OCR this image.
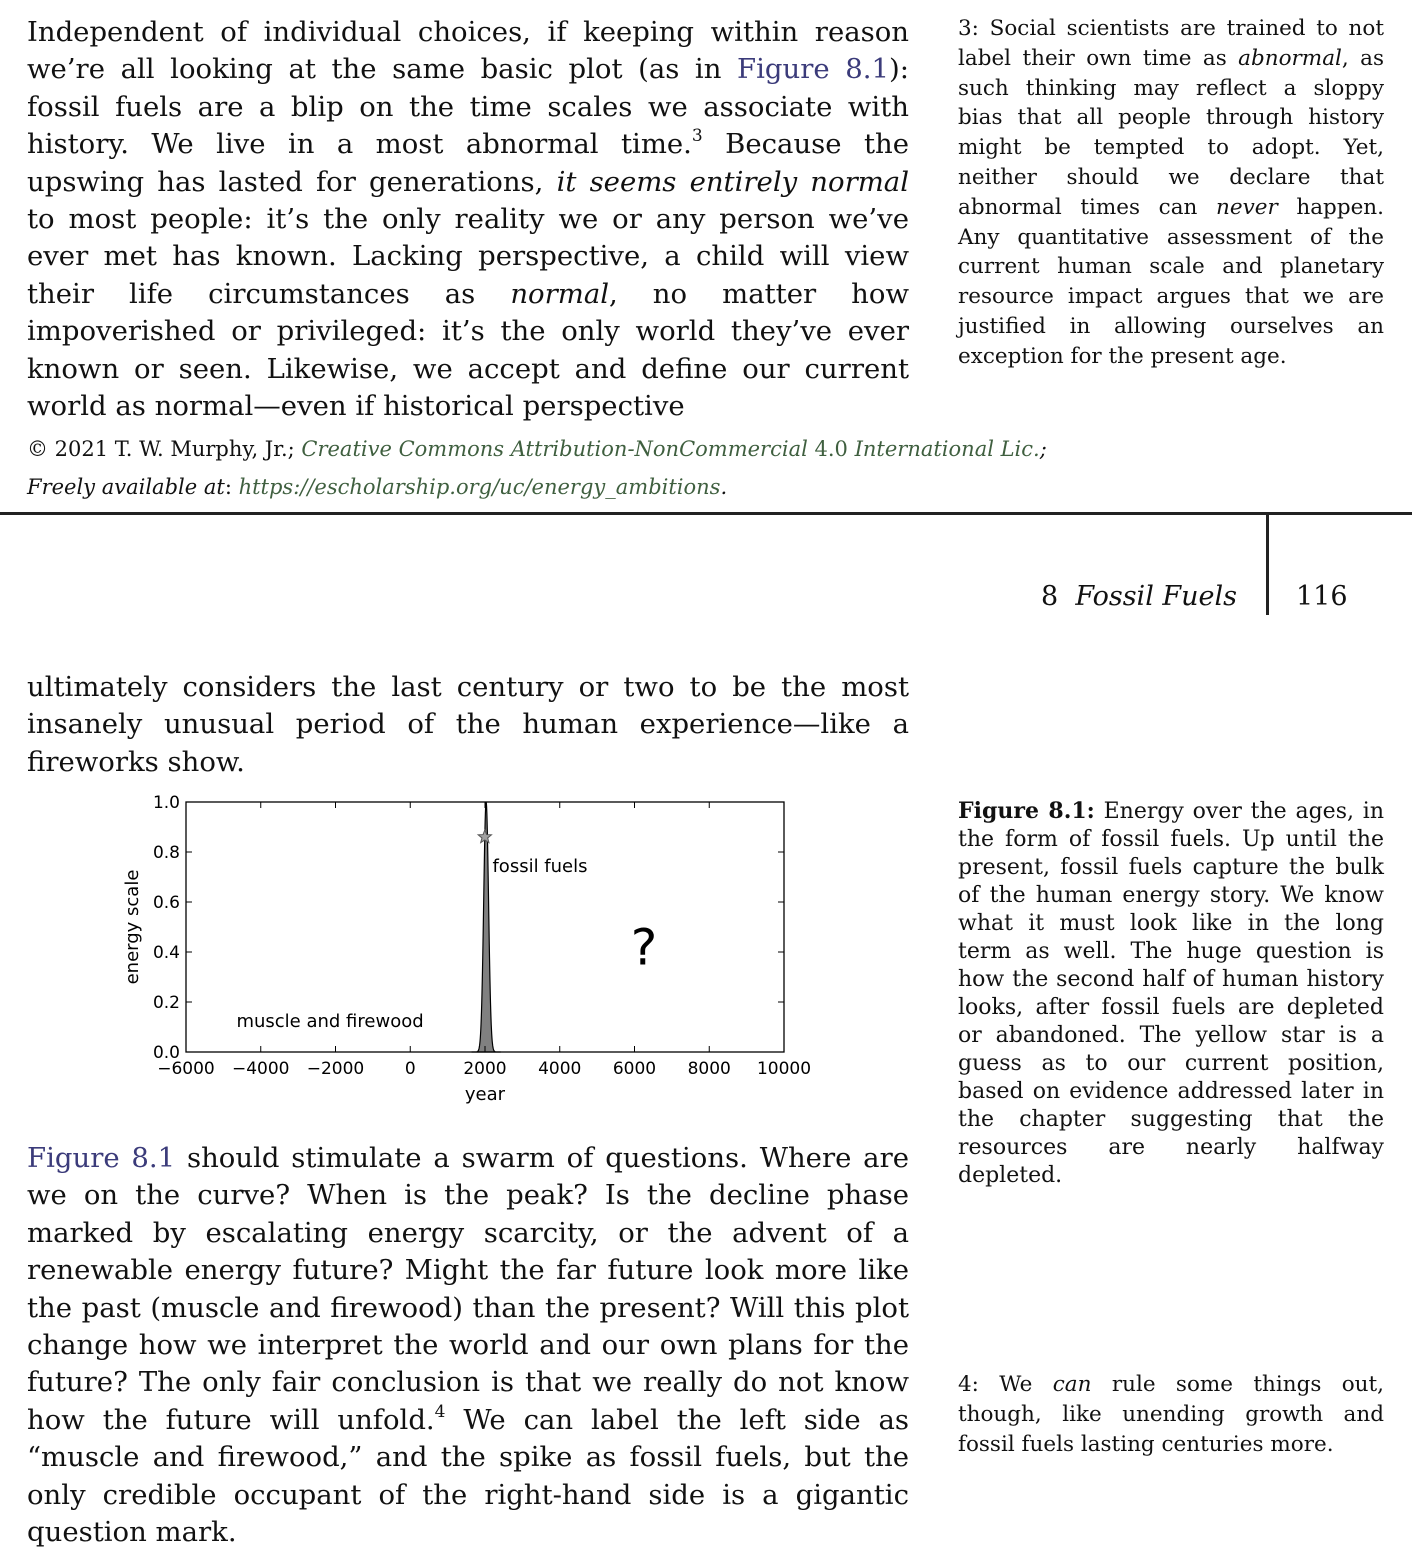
Independent of individual choices, if keeping within reason we’re all looking at the same basic plot (as in Figure 8.1): fossil fuels are a blip on the time scales we associate with history. We live in a most abnormal time.$^3$ Because the upswing has lasted for generations, it seems entirely normal to most people: it’s the only reality we or any person we’ve ever met has known. Lacking perspective, a child will view their life circumstances as normal, no matter how impoverished or privileged: it’s the only world they’ve ever known or seen. Likewise, we accept and define our current world as normal—even if historical perspective

3: Social scientists are trained to not label their own time as abnormal, as such thinking may reflect a sloppy bias that all people through history might be tempted to adopt. Yet, neither should we declare that abnormal times can never happen. Any quantitative assessment of the current human scale and planetary resource impact argues that we are justified in allowing ourselves an exception for the present age.

© 2021 T. W. Murphy, Jr.; Creative Commons Attribution-NonCommercial 4.0 International Lic.;
Freely available at: https://escholarship.org/uc/energy_ambitions.
8 Fossil Fuels 116

ultimately considers the last century or two to be the most insanely unusual period of the human experience—like a fireworks show.

−6000 −4000 −2000 0	2000 4000 6000 8000 10000
0.0
0.2
0.4
0.6
0.8
1.0
year
energy scale
fossil fuels
muscle and firewood
?

Figure 8.1: Energy over the ages, in the form of fossil fuels. Up until the present, fossil fuels capture the bulk of the human energy story. We know what it must look like in the long term as well. The huge question is how the second half of human history looks, after fossil fuels are depleted or abandoned. The yellow star is a guess as to our current position, based on evidence addressed later in the chapter suggesting that the resources are nearly halfway depleted.

Figure 8.1 should stimulate a swarm of questions. Where are we on the curve? When is the peak? Is the decline phase marked by escalating energy scarcity, or the advent of a renewable energy future? Might the far future look more like the past (muscle and firewood) than the present? Will this plot change how we interpret the world and our own plans for the future? The only fair conclusion is that we really do not know how the future will unfold.$^4$ We can label the left side as “muscle and firewood,” and the spike as fossil fuels, but the only credible occupant of the right-hand side is a gigantic question mark.

4: We can rule some things out, though, like unending growth and fossil fuels lasting centuries more.
